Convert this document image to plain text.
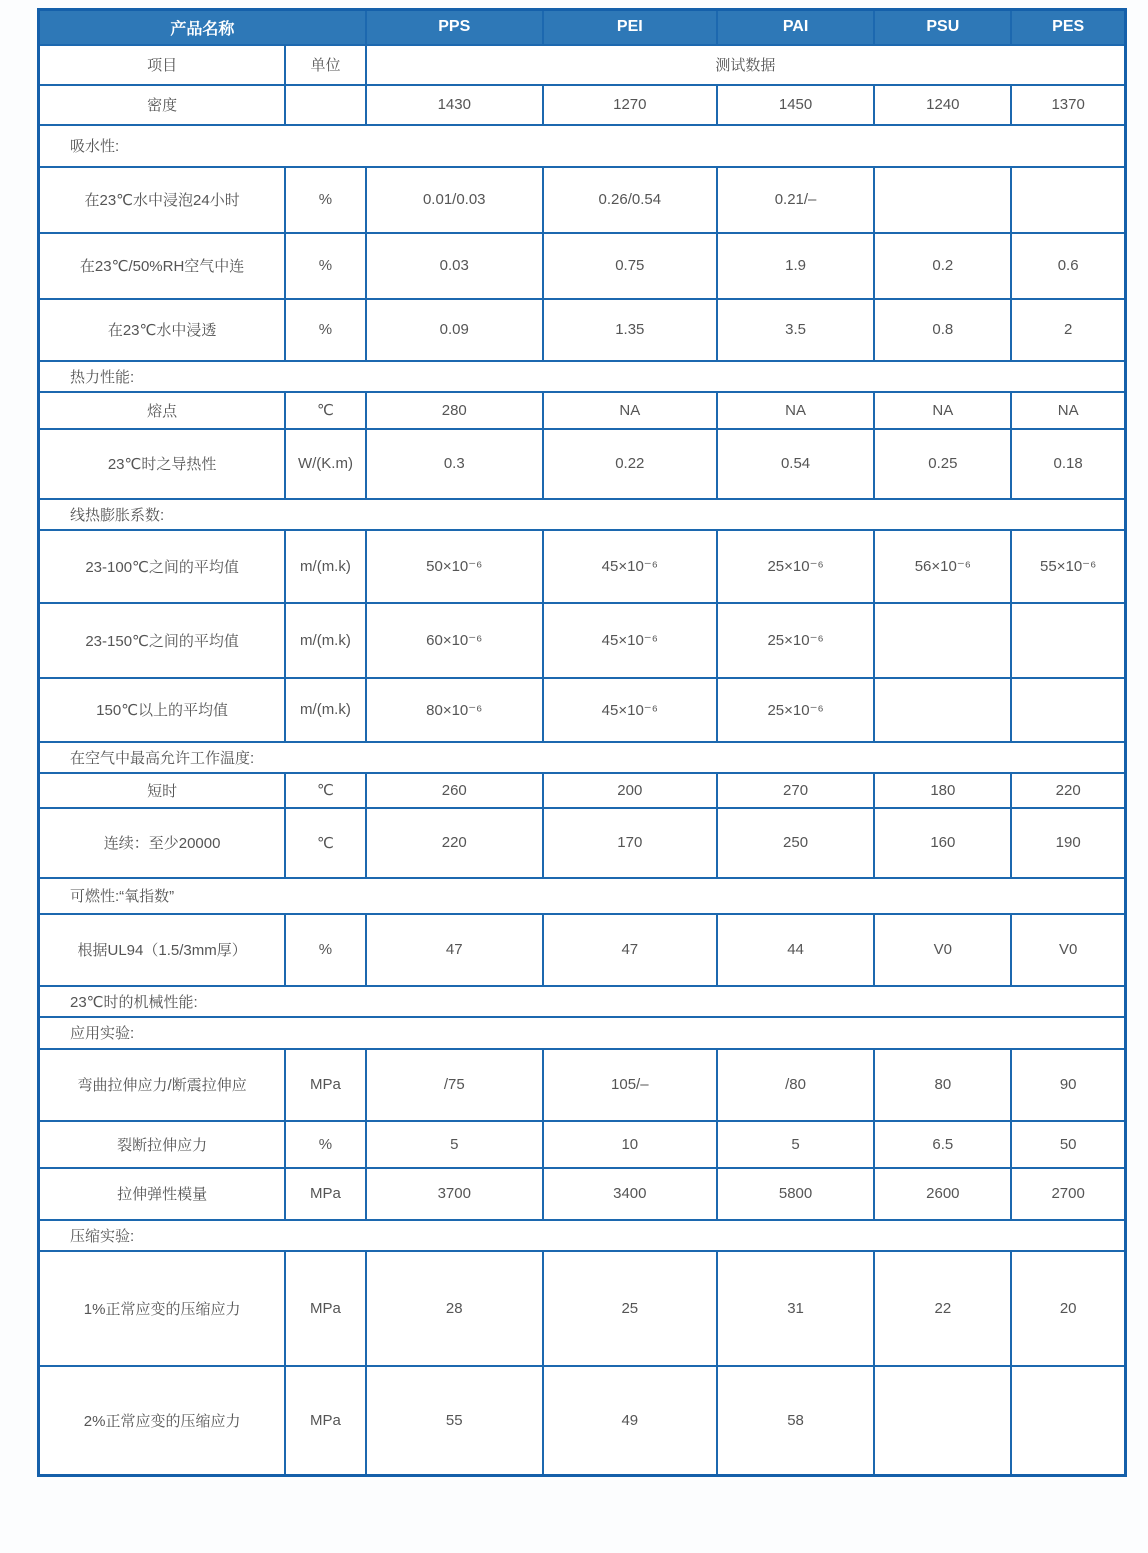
产品名称		PPS	PEI	PAI	PSU	PES
项目	单位	测试数据				
密度		1430	1270	1450	1240	1370
吸水性:						
在23℃水中浸泡24小时	%	0.01/0.03	0.26/0.54	0.21/–		
在23℃/50%RH空气中连	%	0.03	0.75	1.9	0.2	0.6
在23℃水中浸透	%	0.09	1.35	3.5	0.8	2
热力性能:						
熔点	℃	280	NA	NA	NA	NA
23℃时之导热性	W/(K.m)	0.3	0.22	0.54	0.25	0.18
线热膨胀系数:						
23-100℃之间的平均值	m/(m.k)	50×10⁻⁶	45×10⁻⁶	25×10⁻⁶	56×10⁻⁶	55×10⁻⁶
23-150℃之间的平均值	m/(m.k)	60×10⁻⁶	45×10⁻⁶	25×10⁻⁶		
150℃以上的平均值	m/(m.k)	80×10⁻⁶	45×10⁻⁶	25×10⁻⁶		
在空气中最高允许工作温度:						
短时	℃	260	200	270	180	220
连续：至少20000	℃	220	170	250	160	190
可燃性:“氧指数”						
根据UL94（1.5/3mm厚）	%	47	47	44	V0	V0
23℃时的机械性能:						
应用实验:						
弯曲拉伸应力/断震拉伸应	MPa	/75	105/–	/80	80	90
裂断拉伸应力	%	5	10	5	6.5	50
拉伸弹性模量	MPa	3700	3400	5800	2600	2700
压缩实验:						
1%正常应变的压缩应力	MPa	28	25	31	22	20
2%正常应变的压缩应力	MPa	55	49	58		
